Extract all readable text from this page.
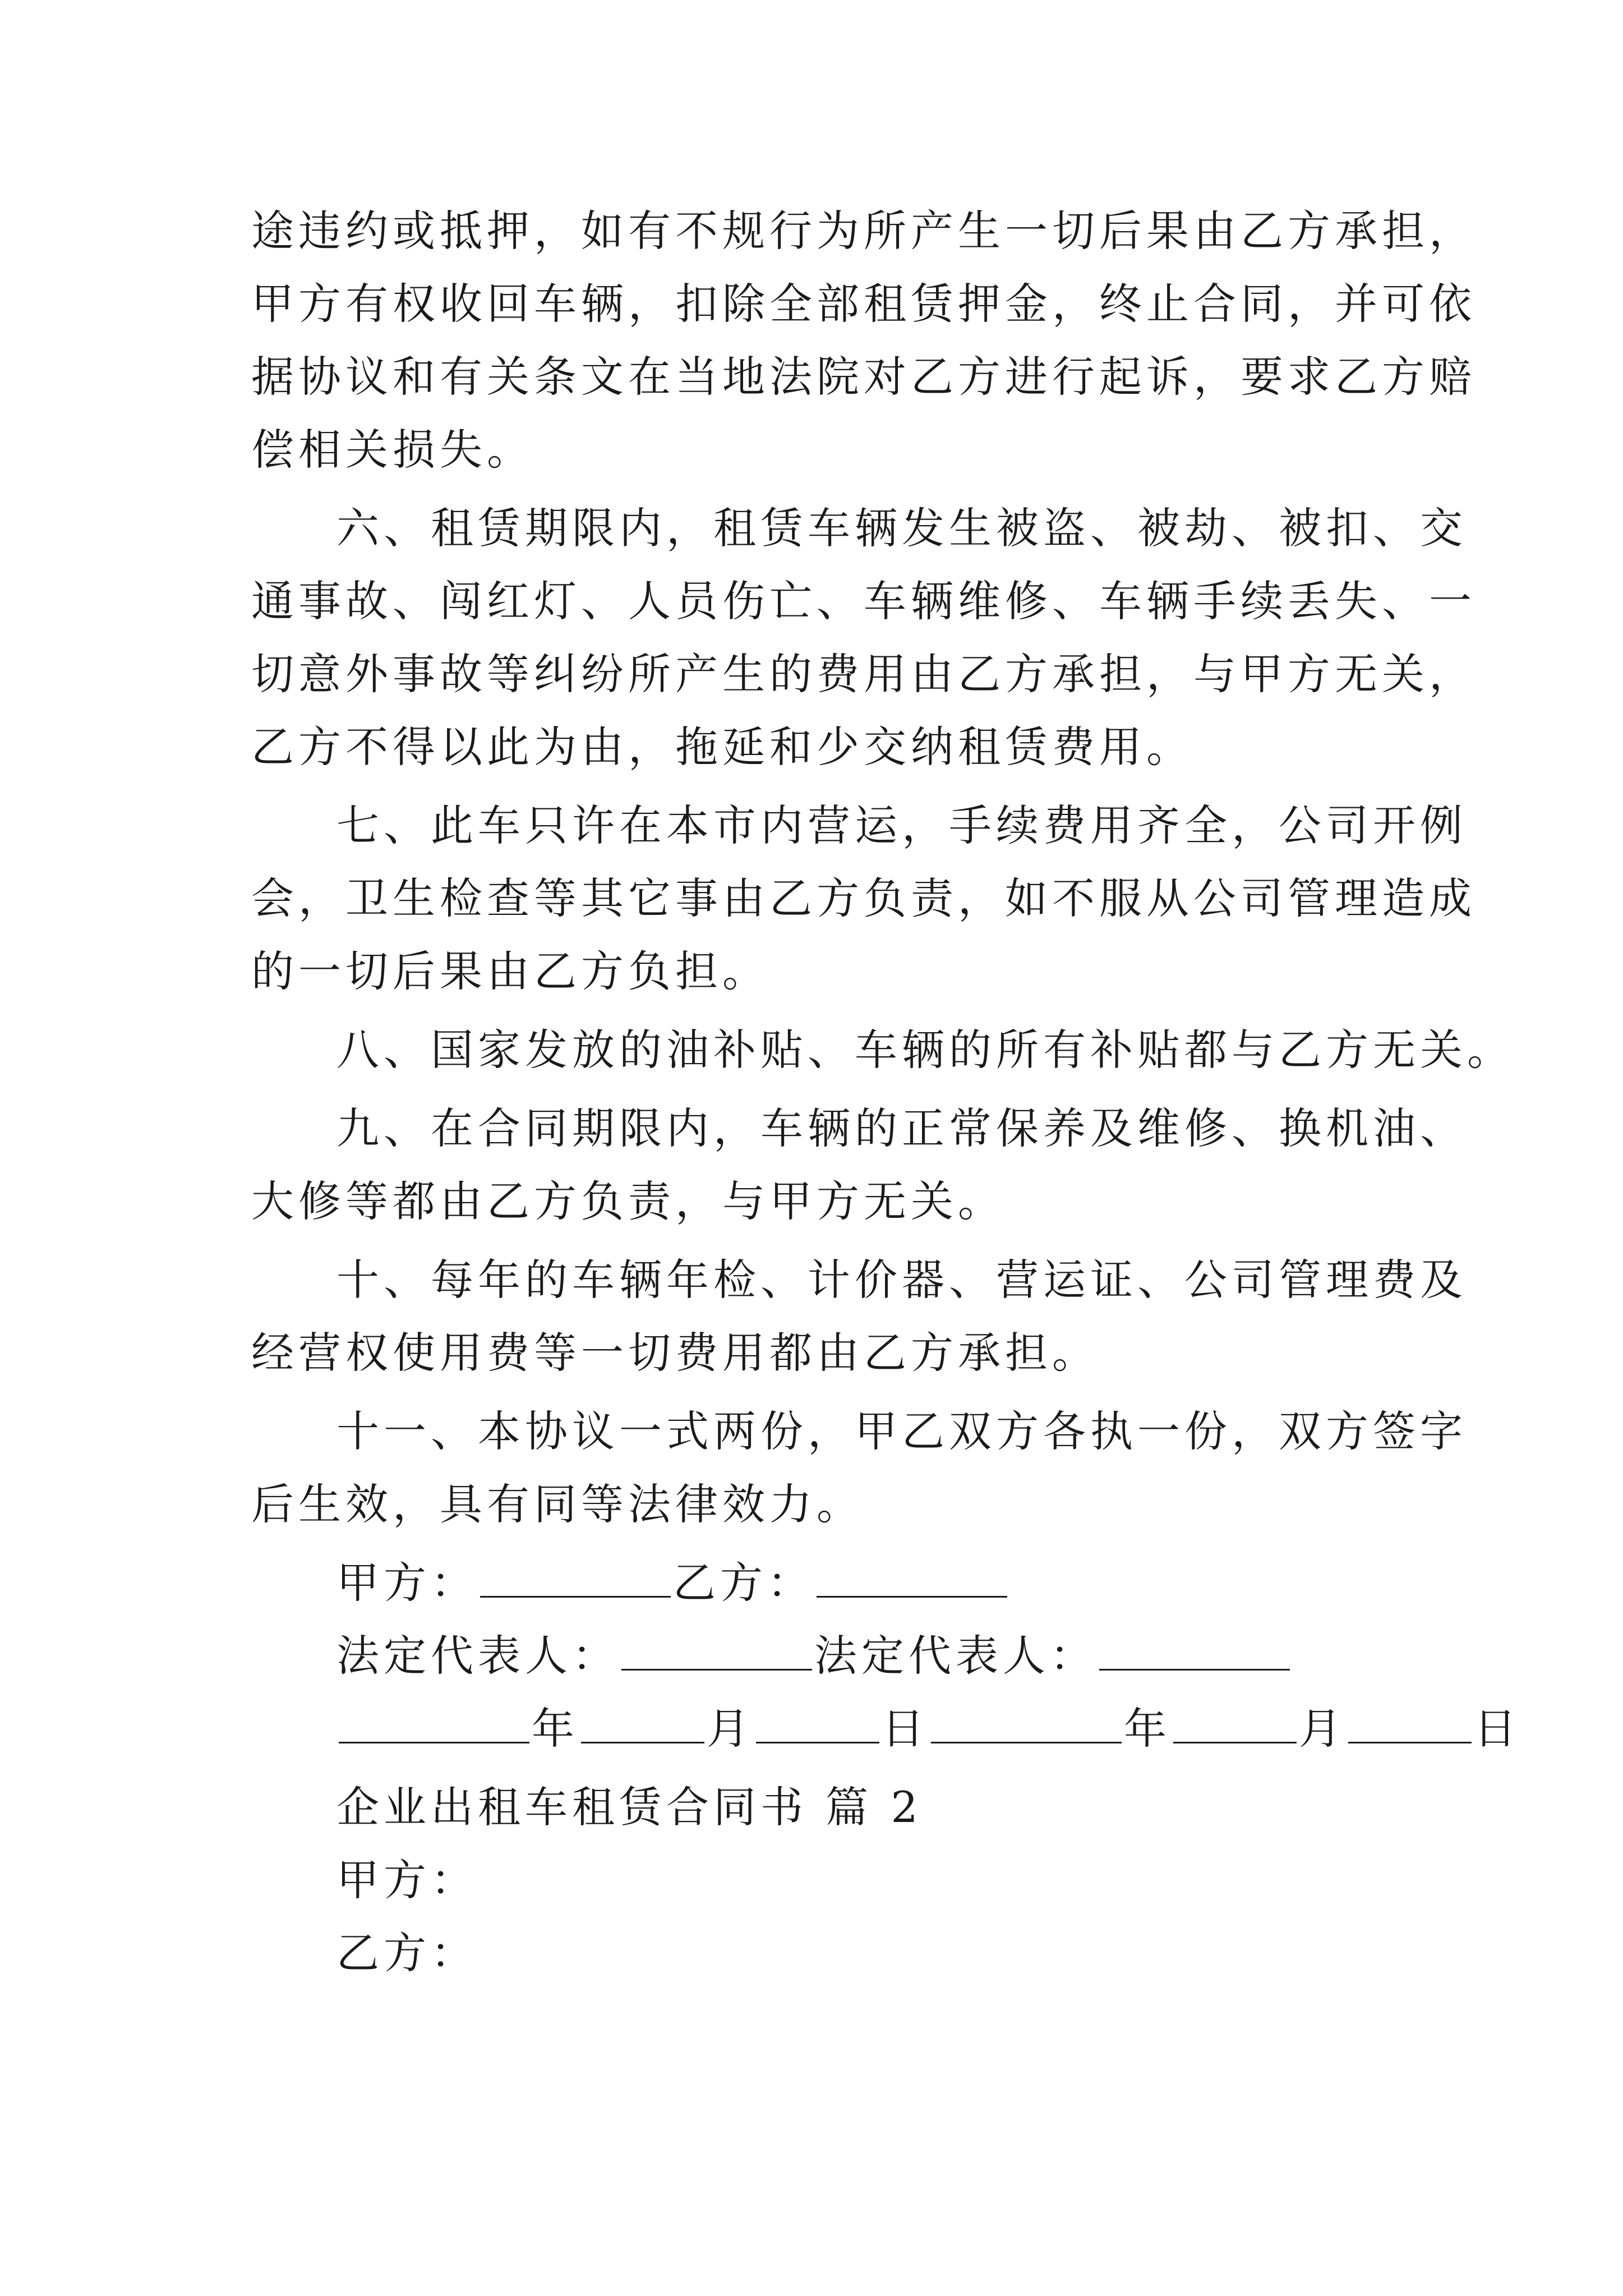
途违约或抵押，如有不规行为所产生一切后果由乙方承担，
甲方有权收回车辆，扣除全部租赁押金，终止合同，并可依
据协议和有关条文在当地法院对乙方进行起诉，要求乙方赔
偿相关损失。
六、租赁期限内，租赁车辆发生被盗、被劫、被扣、交
通事故、闯红灯、人员伤亡、车辆维修、车辆手续丢失、一
切意外事故等纠纷所产生的费用由乙方承担，与甲方无关，
乙方不得以此为由，拖延和少交纳租赁费用。
七、此车只许在本市内营运，手续费用齐全，公司开例
会，卫生检查等其它事由乙方负责，如不服从公司管理造成
的一切后果由乙方负担。
八、国家发放的油补贴、车辆的所有补贴都与乙方无关。
九、在合同期限内，车辆的正常保养及维修、换机油、
大修等都由乙方负责，与甲方无关。
十、每年的车辆年检、计价器、营运证、公司管理费及
经营权使用费等一切费用都由乙方承担。
十一、本协议一式两份，甲乙双方各执一份，双方签字
后生效，具有同等法律效力。
甲方：	乙方：
法定代表人：	法定代表人：
年	月	日	年	月	日
企业出租车租赁合同书 篇 2
甲方：
乙方：
